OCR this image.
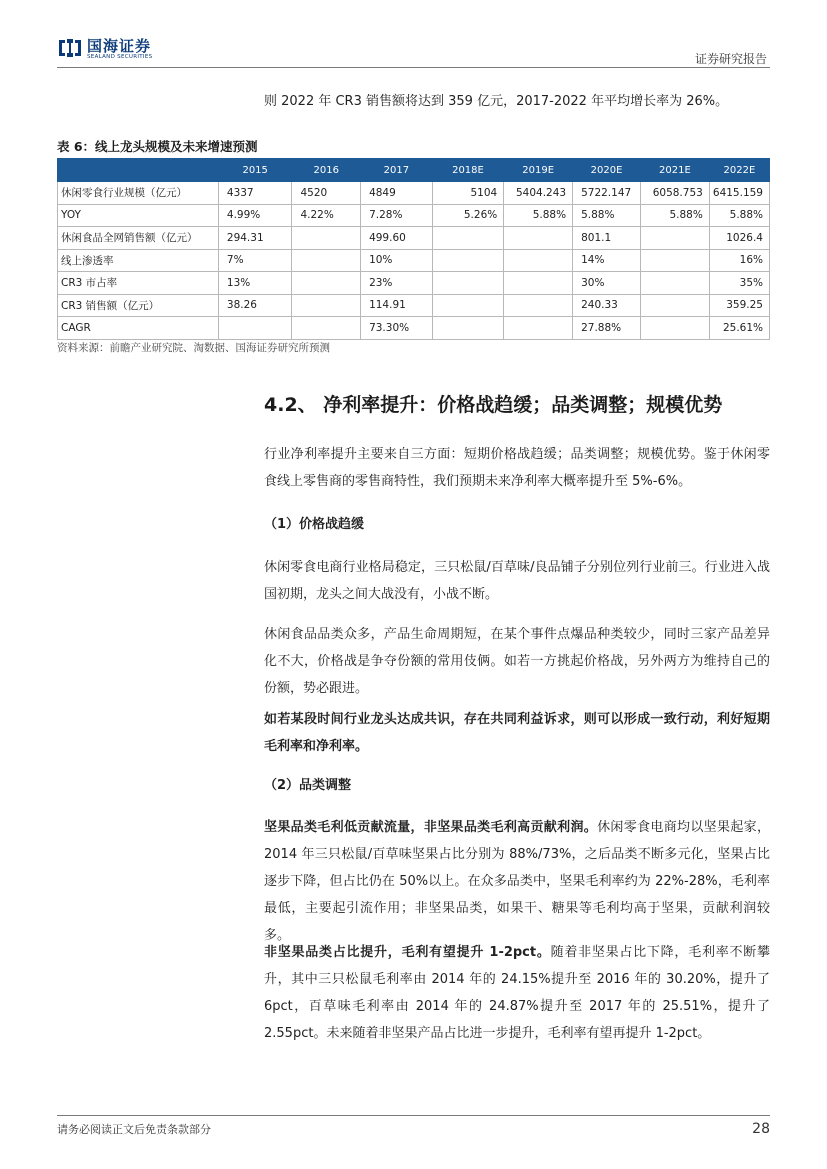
国海证券
SEALAND SECURITIES	证券研究报告
则 2022 年 CR3 销售额将达到 359 亿元，2017-2022 年平均增长率为 26%。
表 6：线上龙头规模及未来增速预测
	2015	2016	2017	2018E	2019E	2020E	2021E	2022E
休闲零食行业规模（亿元）	4337	4520	4849	5104	5404.243	5722.147	6058.753	6415.159
YOY	4.99%	4.22%	7.28%	5.26%	5.88%	5.88%	5.88%	5.88%
休闲食品全网销售额（亿元）	294.31		499.60			801.1		1026.4
线上渗透率	7%		10%			14%		16%
CR3 市占率	13%		23%			30%		35%
CR3 销售额（亿元）	38.26		114.91			240.33		359.25
CAGR			73.30%			27.88%		25.61%
资料来源：前瞻产业研究院、淘数据、国海证券研究所预测
4.2、 净利率提升：价格战趋缓；品类调整；规模优势
行业净利率提升主要来自三方面：短期价格战趋缓；品类调整；规模优势。鉴于休闲零食线上零售商的零售商特性，我们预期未来净利率大概率提升至 5%-6%。
（1）价格战趋缓
休闲零食电商行业格局稳定，三只松鼠/百草味/良品铺子分别位列行业前三。行业进入战国初期，龙头之间大战没有，小战不断。
休闲食品品类众多，产品生命周期短，在某个事件点爆品种类较少，同时三家产品差异化不大，价格战是争夺份额的常用伎俩。如若一方挑起价格战，另外两方为维持自己的份额，势必跟进。
如若某段时间行业龙头达成共识，存在共同利益诉求，则可以形成一致行动，利好短期毛利率和净利率。
（2）品类调整
坚果品类毛利低贡献流量，非坚果品类毛利高贡献利润。休闲零食电商均以坚果起家，2014 年三只松鼠/百草味坚果占比分别为 88%/73%，之后品类不断多元化，坚果占比逐步下降，但占比仍在 50%以上。在众多品类中，坚果毛利率约为 22%-28%，毛利率最低，主要起引流作用；非坚果品类，如果干、糖果等毛利均高于坚果，贡献利润较多。
非坚果品类占比提升，毛利有望提升 1-2pct。随着非坚果占比下降，毛利率不断攀升，其中三只松鼠毛利率由 2014 年的 24.15%提升至 2016 年的 30.20%，提升了 6pct，百草味毛利率由 2014 年的 24.87%提升至 2017 年的 25.51%，提升了 2.55pct。未来随着非坚果产品占比进一步提升，毛利率有望再提升 1-2pct。
请务必阅读正文后免责条款部分	28
